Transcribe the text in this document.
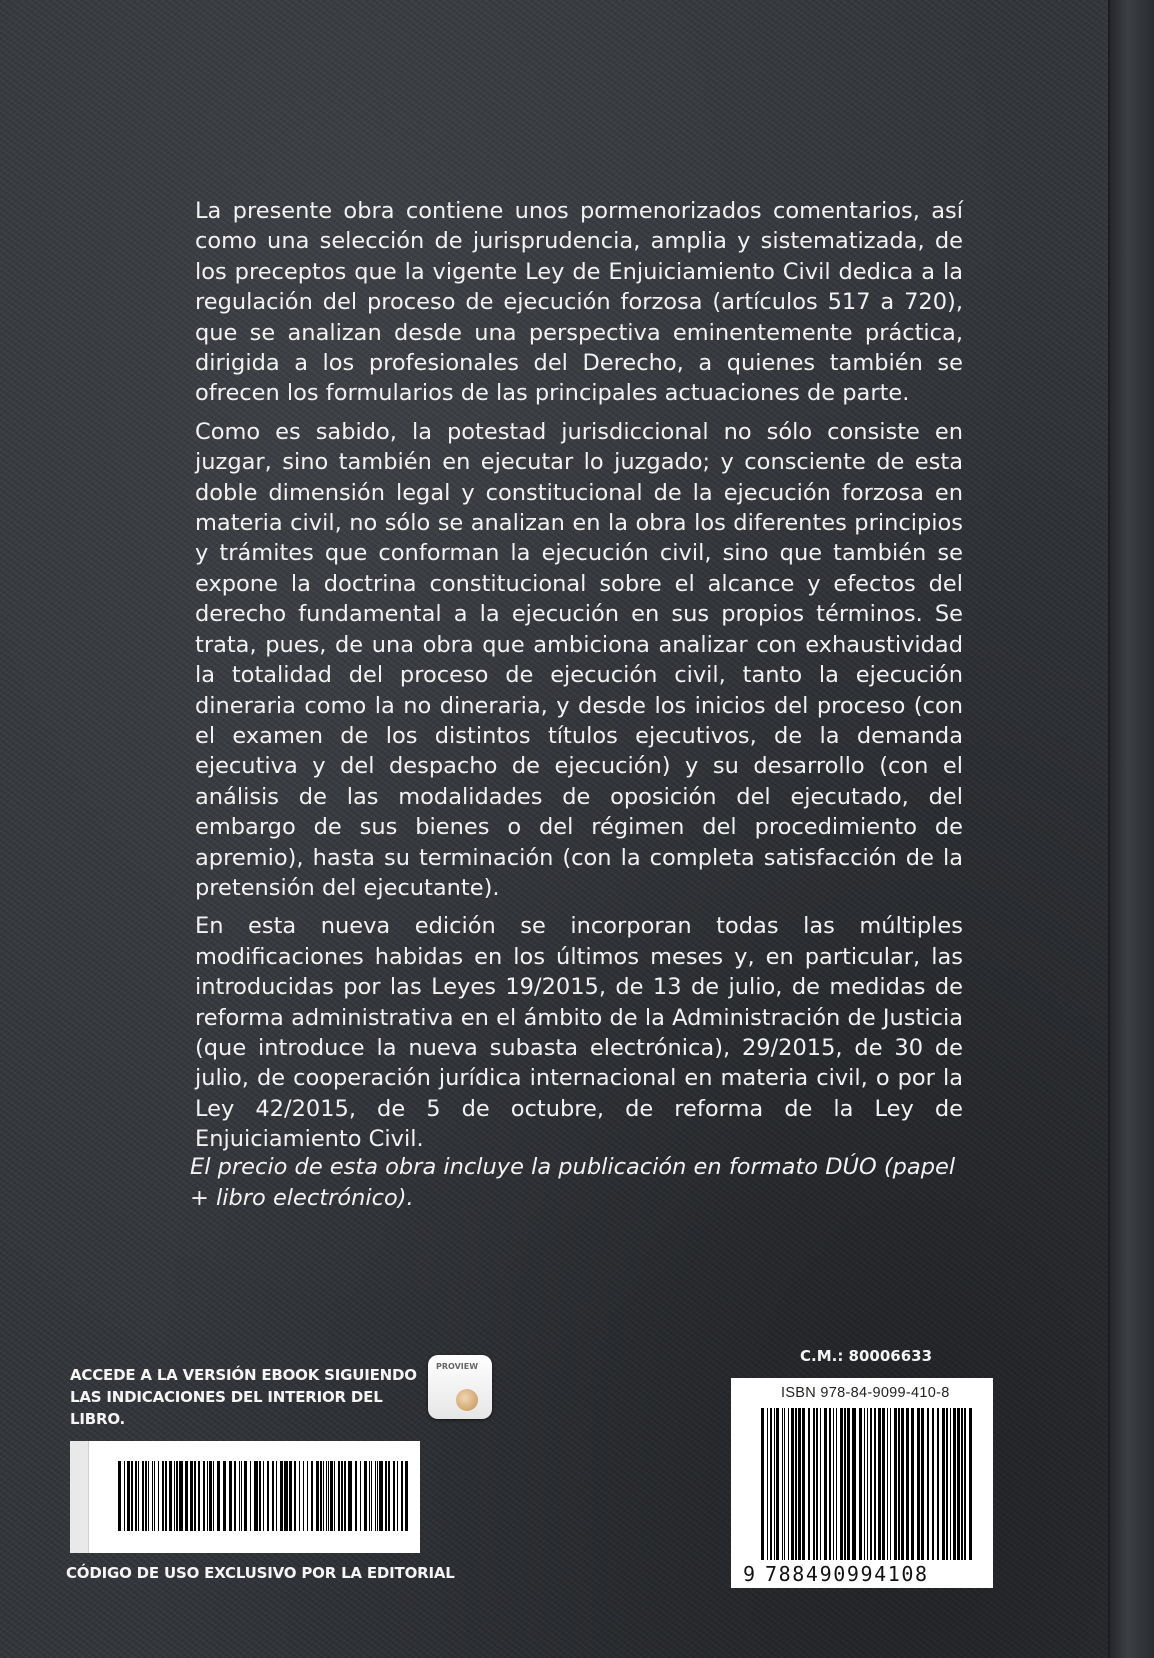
La presente obra contiene unos pormenorizados comentarios, así como una selección de jurisprudencia, amplia y sistematizada, de los preceptos que la vigente Ley de Enjuiciamiento Civil dedica a la regulación del proceso de ejecución forzosa (artículos 517 a 720), que se analizan desde una perspectiva eminentemente práctica, dirigida a los profesionales del Derecho, a quienes también se ofrecen los formularios de las principales actuaciones de parte.

Como es sabido, la potestad jurisdiccional no sólo consiste en juzgar, sino también en ejecutar lo juzgado; y consciente de esta doble dimensión legal y constitucional de la ejecución forzosa en materia civil, no sólo se analizan en la obra los diferentes principios y trámites que conforman la ejecución civil, sino que también se expone la doctrina constitucional sobre el alcance y efectos del derecho fundamental a la ejecución en sus propios términos. Se trata, pues, de una obra que ambiciona analizar con exhaustividad la totalidad del proceso de ejecución civil, tanto la ejecución dineraria como la no dineraria, y desde los inicios del proceso (con el examen de los distintos títulos ejecutivos, de la demanda ejecutiva y del despacho de ejecución) y su desarrollo (con el análisis de las modalidades de oposición del ejecutado, del embargo de sus bienes o del régimen del procedimiento de apremio), hasta su terminación (con la completa satisfacción de la pretensión del ejecutante).

En esta nueva edición se incorporan todas las múltiples modificaciones habidas en los últimos meses y, en particular, las introducidas por las Leyes 19/2015, de 13 de julio, de medidas de reforma administrativa en el ámbito de la Administración de Justicia (que introduce la nueva subasta electrónica), 29/2015, de 30 de julio, de cooperación jurídica internacional en materia civil, o por la Ley 42/2015, de 5 de octubre, de reforma de la Ley de Enjuiciamiento Civil.

El precio de esta obra incluye la publicación en formato DÚO (papel + libro electrónico).

ACCEDE A LA VERSIÓN EBOOK SIGUIENDO
LAS INDICACIONES DEL INTERIOR DEL LIBRO.
PROVIEW
CÓDIGO DE USO EXCLUSIVO POR LA EDITORIAL
C.M.: 80006633
ISBN 978-84-9099-410-8
9 788490994108
